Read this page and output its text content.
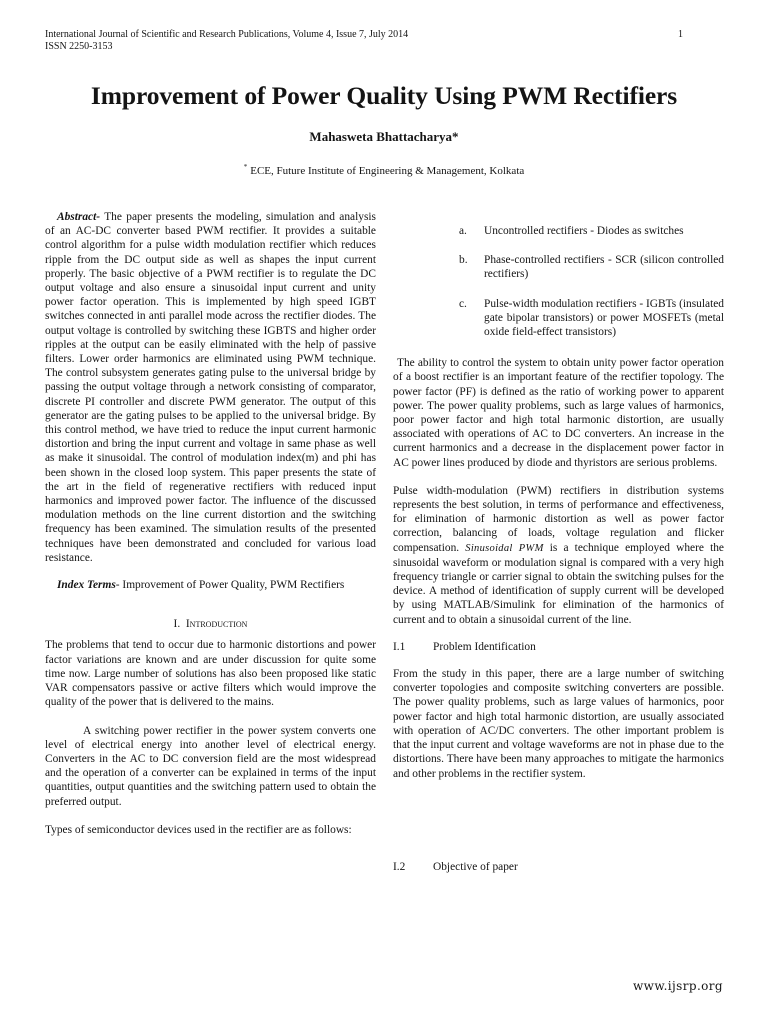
International Journal of Scientific and Research Publications, Volume 4, Issue 7, July 2014
ISSN 2250-3153
1
Improvement of Power Quality Using PWM Rectifiers
Mahasweta Bhattacharya*
* ECE, Future Institute of Engineering & Management, Kolkata

Abstract- The paper presents the modeling, simulation and analysis of an AC-DC converter based PWM rectifier. It provides a suitable control algorithm for a pulse width modulation rectifier which reduces ripple from the DC output side as well as shapes the input current properly. The basic objective of a PWM rectifier is to regulate the DC output voltage and also ensure a sinusoidal input current and unity power factor operation. This is implemented by high speed IGBT switches connected in anti parallel mode across the rectifier diodes. The output voltage is controlled by switching these IGBTS and higher order ripples at the output can be easily eliminated with the help of passive filters. Lower order harmonics are eliminated using PWM technique. The control subsystem generates gating pulse to the universal bridge by passing the output voltage through a network consisting of comparator, discrete PI controller and discrete PWM generator. The output of this generator are the gating pulses to be applied to the universal bridge. By this control method, we have tried to reduce the input current harmonic distortion and bring the input current and voltage in same phase as well as make it sinusoidal. The control of modulation index(m) and phi has been shown in the closed loop system. This paper presents the state of the art in the field of regenerative rectifiers with reduced input harmonics and improved power factor. The influence of the discussed modulation methods on the line current distortion and the switching frequency has been examined. The simulation results of the presented techniques have been demonstrated and concluded for various load resistance.

Index Terms- Improvement of Power Quality, PWM Rectifiers

I. Introduction

The problems that tend to occur due to harmonic distortions and power factor variations are known and are under discussion for quite some time now. Large number of solutions has also been proposed like static VAR compensators passive or active filters which would improve the quality of the power that is delivered to the mains.

A switching power rectifier in the power system converts one level of electrical energy into another level of electrical energy. Converters in the AC to DC conversion field are the most widespread and the operation of a converter can be explained in terms of the input quantities, output quantities and the switching pattern used to obtain the preferred output.

Types of semiconductor devices used in the rectifier are as follows:

a.	Uncontrolled rectifiers - Diodes as switches
b.	Phase-controlled rectifiers - SCR (silicon controlled rectifiers)
c.	Pulse-width modulation rectifiers - IGBTs (insulated gate bipolar transistors) or power MOSFETs (metal oxide field-effect transistors)

The ability to control the system to obtain unity power factor operation of a boost rectifier is an important feature of the rectifier topology. The power factor (PF) is defined as the ratio of working power to apparent power. The power quality problems, such as large values of harmonics, poor power factor and high total harmonic distortion, are usually associated with operations of AC to DC converters. An increase in the current harmonics and a decrease in the displacement power factor in AC power lines produced by diode and thyristors are serious problems.

Pulse width-modulation (PWM) rectifiers in distribution systems represents the best solution, in terms of performance and effectiveness, for elimination of harmonic distortion as well as power factor correction, balancing of loads, voltage regulation and flicker compensation. Sinusoidal PWM is a technique employed where the sinusoidal waveform or modulation signal is compared with a very high frequency triangle or carrier signal to obtain the switching pulses for the device. A method of identification of supply current will be developed by using MATLAB/Simulink for elimination of the harmonics of current and to obtain a sinusoidal current of the line.

I.1	Problem Identification

From the study in this paper, there are a large number of switching converter topologies and composite switching converters are possible. The power quality problems, such as large values of harmonics, poor power factor and high total harmonic distortion, are usually associated with operation of AC/DC converters. The other important problem is that the input current and voltage waveforms are not in phase due to the distortions. There have been many approaches to mitigate the harmonics and other problems in the rectifier system.

I.2	Objective of paper
www.ijsrp.org
